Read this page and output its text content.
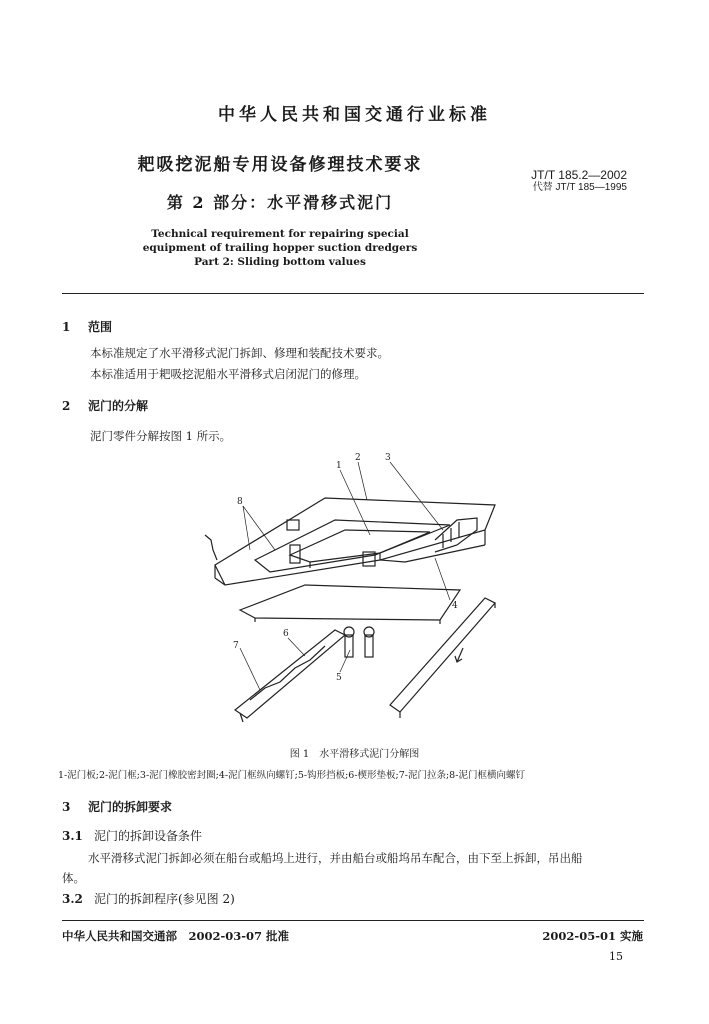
中华人民共和国交通行业标准
耙吸挖泥船专用设备修理技术要求
第 2 部分：水平滑移式泥门
JT/T 185.2—2002
代替 JT/T 185—1995
Technical requirement for repairing special
equipment of trailing hopper suction dredgers
Part 2: Sliding bottom values
1 范围
本标准规定了水平滑移式泥门拆卸、修理和装配技术要求。
本标准适用于耙吸挖泥船水平滑移式启闭泥门的修理。
2 泥门的分解
泥门零件分解按图 1 所示。
1
2	3
4
5
6
7
8
图 1　水平滑移式泥门分解图
1-泥门板;2-泥门框;3-泥门橡胶密封圈;4-泥门框纵向螺钉;5-钩形挡板;6-楔形垫板;7-泥门拉条;8-泥门框横向螺钉
3 泥门的拆卸要求
3.1 泥门的拆卸设备条件
水平滑移式泥门拆卸必须在船台或船坞上进行，并由船台或船坞吊车配合，由下至上拆卸，吊出船
体。
3.2 泥门的拆卸程序(参见图 2)
中华人民共和国交通部　2002-03-07 批准	2002-05-01 实施
15
